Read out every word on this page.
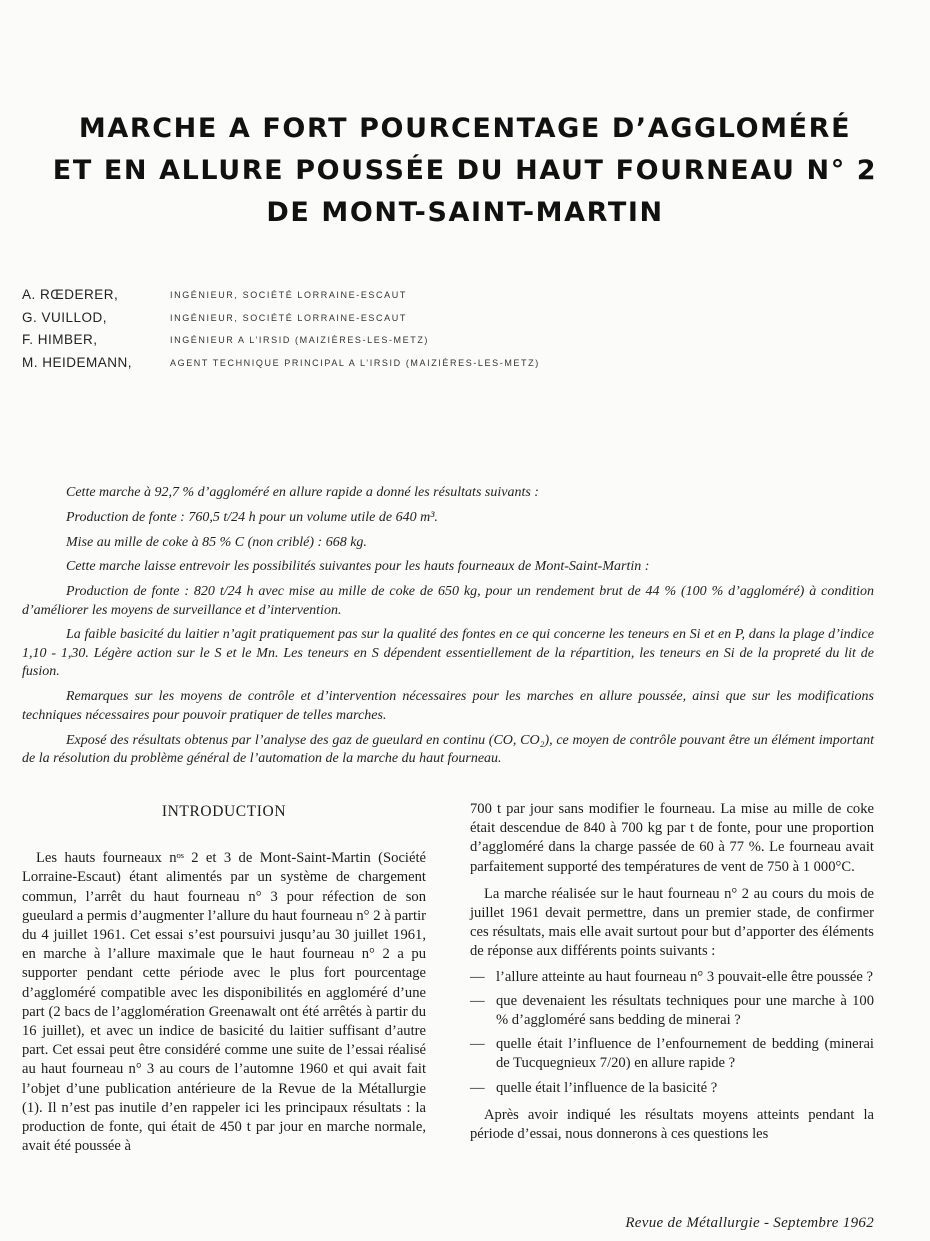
MARCHE A FORT POURCENTAGE D’AGGLOMÉRÉ
ET EN ALLURE POUSSÉE DU HAUT FOURNEAU N° 2
DE MONT-SAINT-MARTIN
A. RŒDERER,	INGÉNIEUR, SOCIÉTÉ LORRAINE-ESCAUT
G. VUILLOD,	INGÉNIEUR, SOCIÉTÉ LORRAINE-ESCAUT
F. HIMBER,	INGÉNIEUR A L’IRSID (MAIZIÈRES-LES-METZ)
M. HEIDEMANN,	AGENT TECHNIQUE PRINCIPAL A L’IRSID (MAIZIÈRES-LES-METZ)

Cette marche à 92,7 % d’aggloméré en allure rapide a donné les résultats suivants :

Production de fonte : 760,5 t/24 h pour un volume utile de 640 m³.

Mise au mille de coke à 85 % C (non criblé) : 668 kg.

Cette marche laisse entrevoir les possibilités suivantes pour les hauts fourneaux de Mont-Saint-Martin :

Production de fonte : 820 t/24 h avec mise au mille de coke de 650 kg, pour un rendement brut de 44 % (100 % d’aggloméré) à condition d’améliorer les moyens de surveillance et d’intervention.

La faible basicité du laitier n’agit pratiquement pas sur la qualité des fontes en ce qui concerne les teneurs en Si et en P, dans la plage d’indice 1,10 - 1,30. Légère action sur le S et le Mn. Les teneurs en S dépendent essentiellement de la répartition, les teneurs en Si de la propreté du lit de fusion.

Remarques sur les moyens de contrôle et d’intervention nécessaires pour les marches en allure poussée, ainsi que sur les modifications techniques nécessaires pour pouvoir pratiquer de telles marches.

Exposé des résultats obtenus par l’analyse des gaz de gueulard en continu (CO, CO₂), ce moyen de contrôle pouvant être un élément important de la résolution du problème général de l’automation de la marche du haut fourneau.

INTRODUCTION

Les hauts fourneaux nᵒˢ 2 et 3 de Mont-Saint-Martin (Société Lorraine-Escaut) étant alimentés par un système de chargement commun, l’arrêt du haut fourneau n° 3 pour réfection de son gueulard a permis d’augmenter l’allure du haut fourneau n° 2 à partir du 4 juillet 1961. Cet essai s’est poursuivi jusqu’au 30 juillet 1961, en marche à l’allure maximale que le haut fourneau n° 2 a pu supporter pendant cette période avec le plus fort pourcentage d’aggloméré compatible avec les disponibilités en aggloméré d’une part (2 bacs de l’agglomération Greenawalt ont été arrêtés à partir du 16 juillet), et avec un indice de basicité du laitier suffisant d’autre part. Cet essai peut être considéré comme une suite de l’essai réalisé au haut fourneau n° 3 au cours de l’automne 1960 et qui avait fait l’objet d’une publication antérieure de la Revue de la Métallurgie (1). Il n’est pas inutile d’en rappeler ici les principaux résultats : la production de fonte, qui était de 450 t par jour en marche normale, avait été poussée à

700 t par jour sans modifier le fourneau. La mise au mille de coke était descendue de 840 à 700 kg par t de fonte, pour une proportion d’aggloméré dans la charge passée de 60 à 77 %. Le fourneau avait parfaitement supporté des températures de vent de 750 à 1 000°C.

La marche réalisée sur le haut fourneau n° 2 au cours du mois de juillet 1961 devait permettre, dans un premier stade, de confirmer ces résultats, mais elle avait surtout pour but d’apporter des éléments de réponse aux différents points suivants :

— l’allure atteinte au haut fourneau n° 3 pouvait-elle être poussée ?
— que devenaient les résultats techniques pour une marche à 100 % d’aggloméré sans bedding de minerai ?
— quelle était l’influence de l’enfournement de bedding (minerai de Tucquegnieux 7/20) en allure rapide ?
— quelle était l’influence de la basicité ?

Après avoir indiqué les résultats moyens atteints pendant la période d’essai, nous donnerons à ces questions les

Revue de Métallurgie - Septembre 1962
